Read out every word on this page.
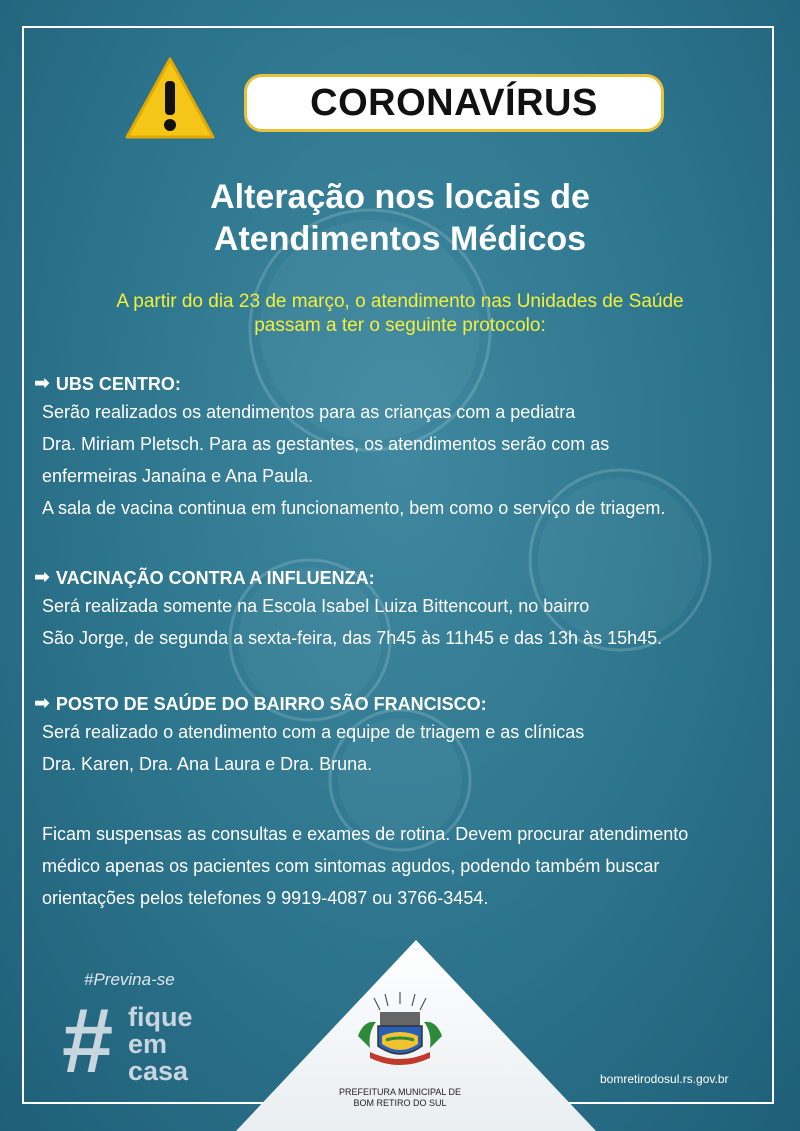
CORONAVÍRUS
Alteração nos locais de
Atendimentos Médicos
A partir do dia 23 de março, o atendimento nas Unidades de Saúde
passam a ter o seguinte protocolo:
➡ UBS CENTRO:
Serão realizados os atendimentos para as crianças com a pediatra
Dra. Miriam Pletsch. Para as gestantes, os atendimentos serão com as
enfermeiras Janaína e Ana Paula.
A sala de vacina continua em funcionamento, bem como o serviço de triagem.
➡ VACINAÇÃO CONTRA A INFLUENZA:
Será realizada somente na Escola Isabel Luiza Bittencourt, no bairro
São Jorge, de segunda a sexta-feira, das 7h45 às 11h45 e das 13h às 15h45.
➡ POSTO DE SAÚDE DO BAIRRO SÃO FRANCISCO:
Será realizado o atendimento com a equipe de triagem e as clínicas
Dra. Karen, Dra. Ana Laura e Dra. Bruna.
Ficam suspensas as consultas e exames de rotina. Devem procurar atendimento
médico apenas os pacientes com sintomas agudos, podendo também buscar
orientações pelos telefones 9 9919-4087 ou 3766-3454.
#Previna-se
# fique
em
casa
PREFEITURA MUNICIPAL DE
BOM RETIRO DO SUL
bomretirodosul.rs.gov.br
